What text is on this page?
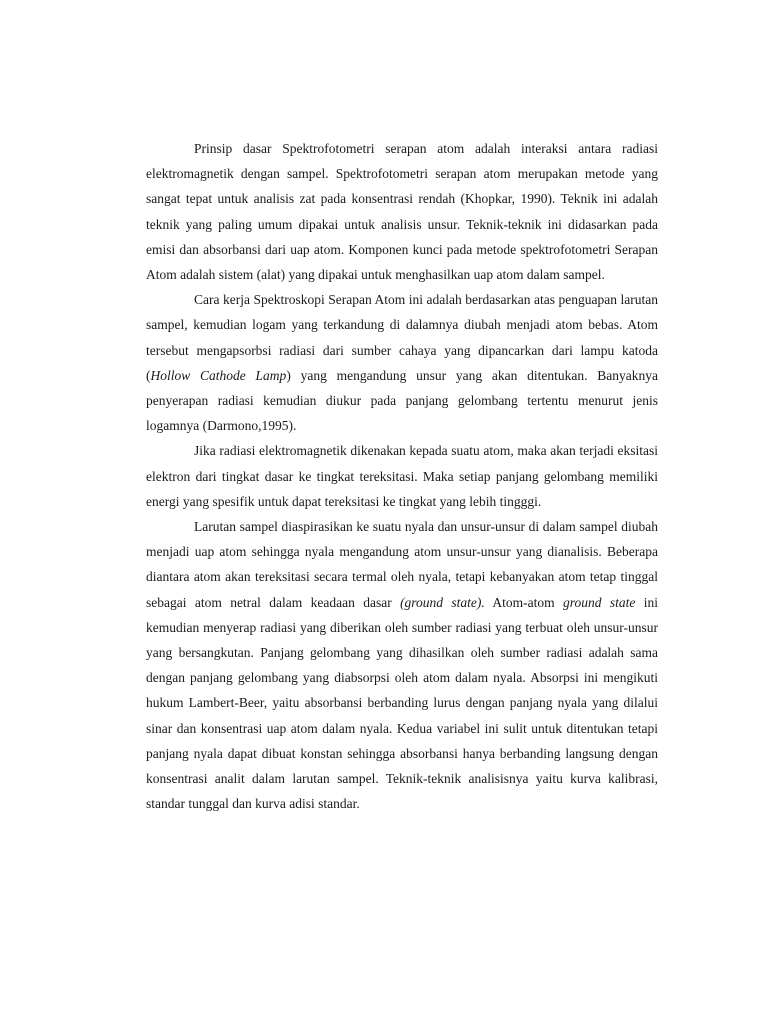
Prinsip dasar Spektrofotometri serapan atom adalah interaksi antara radiasi elektromagnetik dengan sampel. Spektrofotometri serapan atom merupakan metode yang sangat tepat untuk analisis zat pada konsentrasi rendah (Khopkar, 1990). Teknik ini adalah teknik yang paling umum dipakai untuk analisis unsur. Teknik-teknik ini didasarkan pada emisi dan absorbansi dari uap atom. Komponen kunci pada metode spektrofotometri Serapan Atom adalah sistem (alat) yang dipakai untuk menghasilkan uap atom dalam sampel.

Cara kerja Spektroskopi Serapan Atom ini adalah berdasarkan atas penguapan larutan sampel, kemudian logam yang terkandung di dalamnya diubah menjadi atom bebas. Atom tersebut mengapsorbsi radiasi dari sumber cahaya yang dipancarkan dari lampu katoda (Hollow Cathode Lamp) yang mengandung unsur yang akan ditentukan. Banyaknya penyerapan radiasi kemudian diukur pada panjang gelombang tertentu menurut jenis logamnya (Darmono,1995).

Jika radiasi elektromagnetik dikenakan kepada suatu atom, maka akan terjadi eksitasi elektron dari tingkat dasar ke tingkat tereksitasi. Maka setiap panjang gelombang memiliki energi yang spesifik untuk dapat tereksitasi ke tingkat yang lebih tingggi.

Larutan sampel diaspirasikan ke suatu nyala dan unsur-unsur di dalam sampel diubah menjadi uap atom sehingga nyala mengandung atom unsur-unsur yang dianalisis. Beberapa diantara atom akan tereksitasi secara termal oleh nyala, tetapi kebanyakan atom tetap tinggal sebagai atom netral dalam keadaan dasar (ground state). Atom-atom ground state ini kemudian menyerap radiasi yang diberikan oleh sumber radiasi yang terbuat oleh unsur-unsur yang bersangkutan. Panjang gelombang yang dihasilkan oleh sumber radiasi adalah sama dengan panjang gelombang yang diabsorpsi oleh atom dalam nyala. Absorpsi ini mengikuti hukum Lambert-Beer, yaitu absorbansi berbanding lurus dengan panjang nyala yang dilalui sinar dan konsentrasi uap atom dalam nyala. Kedua variabel ini sulit untuk ditentukan tetapi panjang nyala dapat dibuat konstan sehingga absorbansi hanya berbanding langsung dengan konsentrasi analit dalam larutan sampel. Teknik-teknik analisisnya yaitu kurva kalibrasi, standar tunggal dan kurva adisi standar.
